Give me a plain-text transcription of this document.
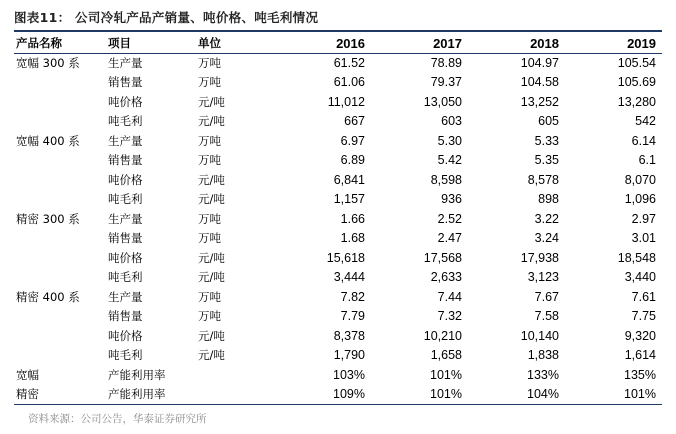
图表11： 公司冷轧产品产销量、吨价格、吨毛利情况
产品名称	项目	单位	2016	2017	2018	2019
宽幅 300 系	生产量	万吨	61.52	78.89	104.97	105.54
	销售量	万吨	61.06	79.37	104.58	105.69
	吨价格	元/吨	11,012	13,050	13,252	13,280
	吨毛利	元/吨	667	603	605	542
宽幅 400 系	生产量	万吨	6.97	5.30	5.33	6.14
	销售量	万吨	6.89	5.42	5.35	6.1
	吨价格	元/吨	6,841	8,598	8,578	8,070
	吨毛利	元/吨	1,157	936	898	1,096
精密 300 系	生产量	万吨	1.66	2.52	3.22	2.97
	销售量	万吨	1.68	2.47	3.24	3.01
	吨价格	元/吨	15,618	17,568	17,938	18,548
	吨毛利	元/吨	3,444	2,633	3,123	3,440
精密 400 系	生产量	万吨	7.82	7.44	7.67	7.61
	销售量	万吨	7.79	7.32	7.58	7.75
	吨价格	元/吨	8,378	10,210	10,140	9,320
	吨毛利	元/吨	1,790	1,658	1,838	1,614
宽幅	产能利用率		103%	101%	133%	135%
精密	产能利用率		109%	101%	104%	101%
资料来源：公司公告，华泰证券研究所
